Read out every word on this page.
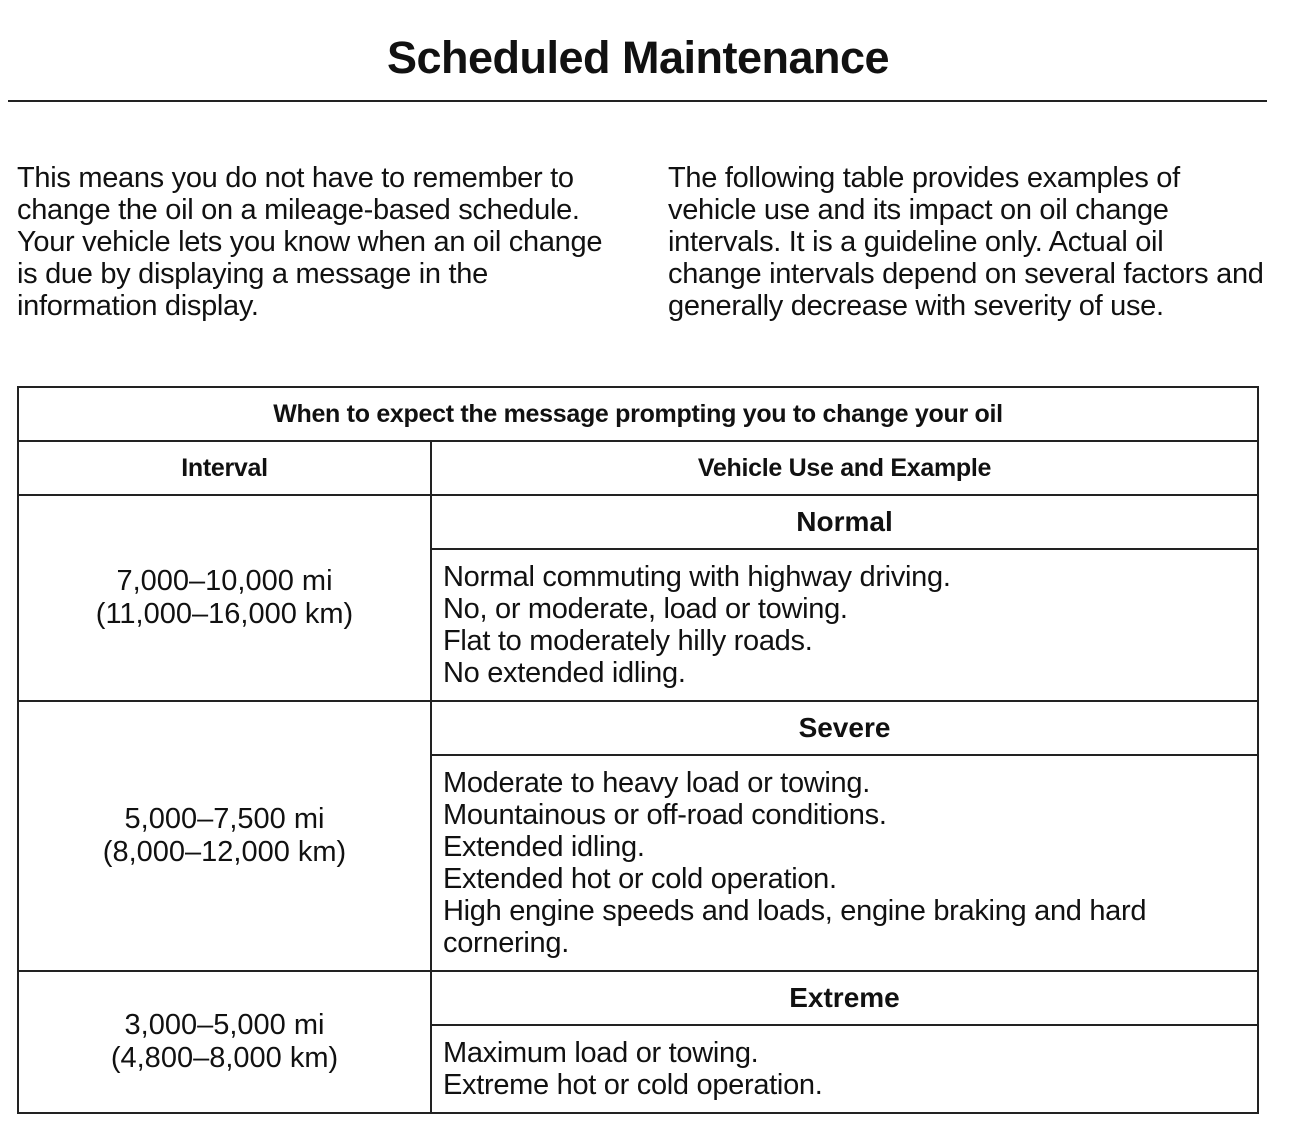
Scheduled Maintenance
This means you do not have to remember to change the oil on a mileage-based schedule. Your vehicle lets you know when an oil change is due by displaying a message in the information display.
The following table provides examples of vehicle use and its impact on oil change intervals. It is a guideline only. Actual oil change intervals depend on several factors and generally decrease with severity of use.
When to expect the message prompting you to change your oil	
Interval	Vehicle Use and Example

7,000–10,000 mi
(11,000–16,000 km)	Normal

	Normal commuting with highway driving.
No, or moderate, load or towing.
Flat to moderately hilly roads.
No extended idling.

5,000–7,500 mi
(8,000–12,000 km)	Severe

	Moderate to heavy load or towing.
Mountainous or off-road conditions.
Extended idling.
Extended hot or cold operation.
High engine speeds and loads, engine braking and hard cornering.

3,000–5,000 mi
(4,800–8,000 km)	Extreme

	Maximum load or towing.
Extreme hot or cold operation.
